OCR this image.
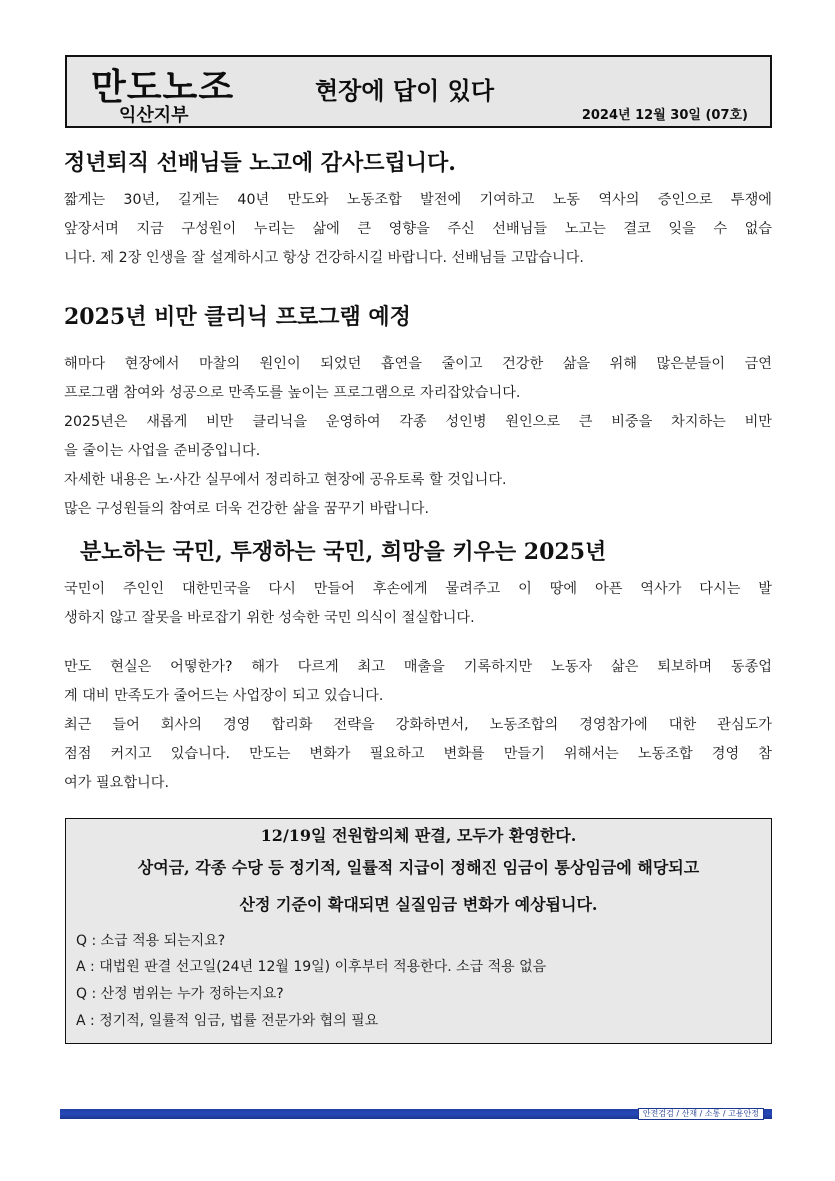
만도노조
익산지부
현장에 답이 있다
2024년 12월 30일 (07호)
정년퇴직 선배님들 노고에 감사드립니다.
짧게는 30년, 길게는 40년 만도와 노동조합 발전에 기여하고 노동 역사의 증인으로 투쟁에
앞장서며 지금 구성원이 누리는 삶에 큰 영향을 주신 선배님들 노고는 결코 잊을 수 없습
니다. 제 2장 인생을 잘 설계하시고 항상 건강하시길 바랍니다. 선배님들 고맙습니다.
2025년 비만 클리닉 프로그램 예정
해마다 현장에서 마찰의 원인이 되었던 흡연을 줄이고 건강한 삶을 위해 많은분들이 금연
프로그램 참여와 성공으로 만족도를 높이는 프로그램으로 자리잡았습니다.
2025년은 새롭게 비만 클리닉을 운영하여 각종 성인병 원인으로 큰 비중을 차지하는 비만
을 줄이는 사업을 준비중입니다.
자세한 내용은 노·사간 실무에서 정리하고 현장에 공유토록 할 것입니다.
많은 구성원들의 참여로 더욱 건강한 삶을 꿈꾸기 바랍니다.
분노하는 국민, 투쟁하는 국민, 희망을 키우는 2025년
국민이 주인인 대한민국을 다시 만들어 후손에게 물려주고 이 땅에 아픈 역사가 다시는 발
생하지 않고 잘못을 바로잡기 위한 성숙한 국민 의식이 절실합니다.
만도 현실은 어떻한가? 해가 다르게 최고 매출을 기록하지만 노동자 삶은 퇴보하며 동종업
계 대비 만족도가 줄어드는 사업장이 되고 있습니다.
최근 들어 회사의 경영 합리화 전략을 강화하면서, 노동조합의 경영참가에 대한 관심도가
점점 커지고 있습니다. 만도는 변화가 필요하고 변화를 만들기 위해서는 노동조합 경영 참
여가 필요합니다.
12/19일 전원합의체 판결, 모두가 환영한다.
상여금, 각종 수당 등 정기적, 일률적 지급이 정해진 임금이 통상임금에 해당되고
산정 기준이 확대되면 실질임금 변화가 예상됩니다.
Q : 소급 적용 되는지요?
A : 대법원 판결 선고일(24년 12월 19일) 이후부터 적용한다. 소급 적용 없음
Q : 산정 범위는 누가 정하는지요?
A : 정기적, 일률적 임금, 법률 전문가와 협의 필요
안전검검 / 산재 / 소통 / 고용안정
